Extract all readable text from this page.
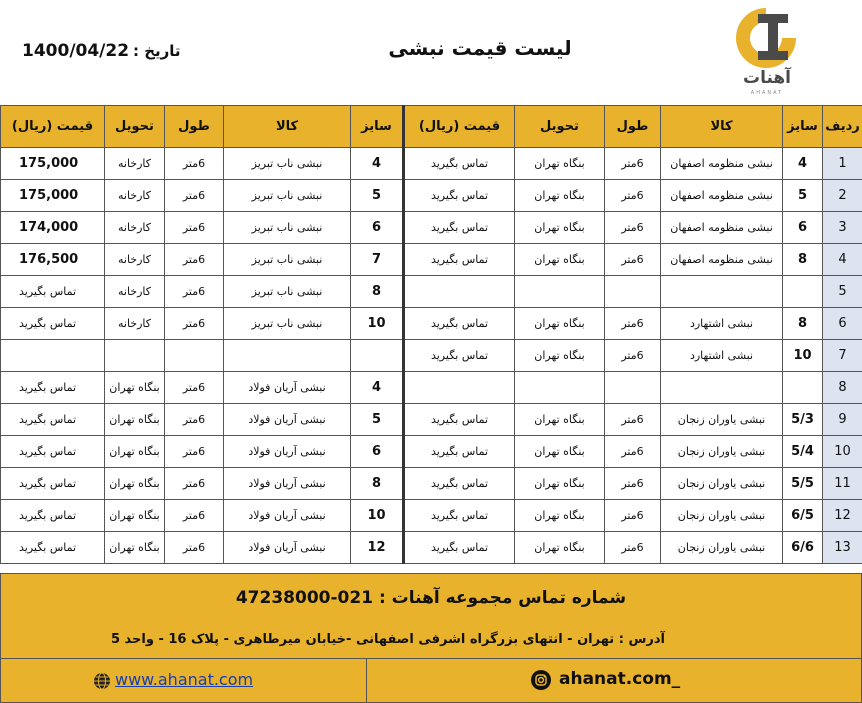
آهنات
AHANAT
لیست قیمت نبشی
تاریخ :
1400/04/22
ردیف	سایز	کالا	طول	تحویل	قیمت (ریال)	سایز	کالا	طول	تحویل	قیمت (ریال)
1	4	نبشی منظومه اصفهان	6متر	بنگاه تهران	تماس بگیرید	4	نبشی ناب تبریز	6متر	کارخانه	175,000
2	5	نبشی منظومه اصفهان	6متر	بنگاه تهران	تماس بگیرید	5	نبشی ناب تبریز	6متر	کارخانه	175,000
3	6	نبشی منظومه اصفهان	6متر	بنگاه تهران	تماس بگیرید	6	نبشی ناب تبریز	6متر	کارخانه	174,000
4	8	نبشی منظومه اصفهان	6متر	بنگاه تهران	تماس بگیرید	7	نبشی ناب تبریز	6متر	کارخانه	176,500
5						8	نبشی ناب تبریز	6متر	کارخانه	تماس بگیرید
6	8	نبشی اشتهارد	6متر	بنگاه تهران	تماس بگیرید	10	نبشی ناب تبریز	6متر	کارخانه	تماس بگیرید
7	10	نبشی اشتهارد	6متر	بنگاه تهران	تماس بگیرید					
8						4	نبشی آریان فولاد	6متر	بنگاه تهران	تماس بگیرید
9	5/3	نبشی یاوران زنجان	6متر	بنگاه تهران	تماس بگیرید	5	نبشی آریان فولاد	6متر	بنگاه تهران	تماس بگیرید
10	5/4	نبشی یاوران زنجان	6متر	بنگاه تهران	تماس بگیرید	6	نبشی آریان فولاد	6متر	بنگاه تهران	تماس بگیرید
11	5/5	نبشی یاوران زنجان	6متر	بنگاه تهران	تماس بگیرید	8	نبشی آریان فولاد	6متر	بنگاه تهران	تماس بگیرید
12	6/5	نبشی یاوران زنجان	6متر	بنگاه تهران	تماس بگیرید	10	نبشی آریان فولاد	6متر	بنگاه تهران	تماس بگیرید
13	6/6	نبشی یاوران زنجان	6متر	بنگاه تهران	تماس بگیرید	12	نبشی آریان فولاد	6متر	بنگاه تهران	تماس بگیرید
شماره تماس مجموعه آهنات : 021-47238000
آدرس : تهران - انتهای بزرگراه اشرفی اصفهانی -خیابان میرطاهری - پلاک 16 - واحد 5
www.ahanat.com	ahanat.com_
